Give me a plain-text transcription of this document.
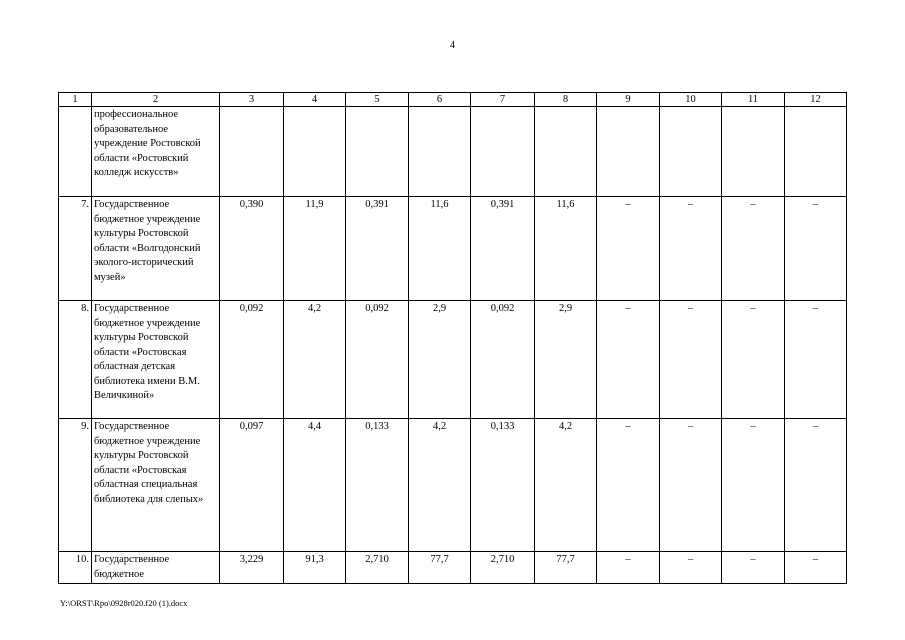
4
1	2	3	4	5	6	7	8	9	10	11	12
	профессиональное образовательное учреждение Ростовской области «Ростовский колледж искусств»										
7.	Государственное бюджетное учреждение культуры Ростовской области «Волгодонский эколого-исторический музей»	0,390	11,9	0,391	11,6	0,391	11,6	–	–	–	–
8.	Государственное бюджетное учреждение культуры Ростовской области «Ростовская областная детская библиотека имени В.М. Величкиной»	0,092	4,2	0,092	2,9	0,092	2,9	–	–	–	–
9.	Государственное бюджетное учреждение культуры Ростовской области «Ростовская областная специальная библиотека для слепых»	0,097	4,4	0,133	4,2	0,133	4,2	–	–	–	–
10.	Государственное бюджетное	3,229	91,3	2,710	77,7	2,710	77,7	–	–	–	–
Y:\ORST\Rpo\0928r020.f20 (1).docx
